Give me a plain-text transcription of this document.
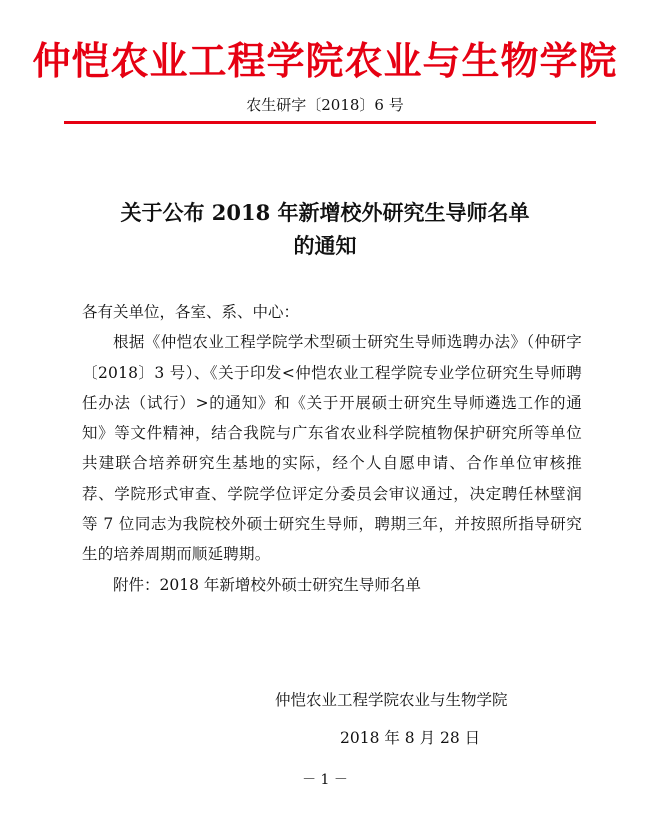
仲恺农业工程学院农业与生物学院
农生研字〔2018〕6 号
关于公布 2018 年新增校外研究生导师名单
的通知

各有关单位，各室、系、中心：

根据《仲恺农业工程学院学术型硕士研究生导师选聘办法》（仲研字〔2018〕3 号）、《关于印发<仲恺农业工程学院专业学位研究生导师聘任办法（试行）>的通知》和《关于开展硕士研究生导师遴选工作的通知》等文件精神，结合我院与广东省农业科学院植物保护研究所等单位共建联合培养研究生基地的实际，经个人自愿申请、合作单位审核推荐、学院形式审查、学院学位评定分委员会审议通过，决定聘任林壁润等 7 位同志为我院校外硕士研究生导师，聘期三年，并按照所指导研究生的培养周期而顺延聘期。

附件：2018 年新增校外硕士研究生导师名单

仲恺农业工程学院农业与生物学院
2018 年 8 月 28 日
－ 1 －
